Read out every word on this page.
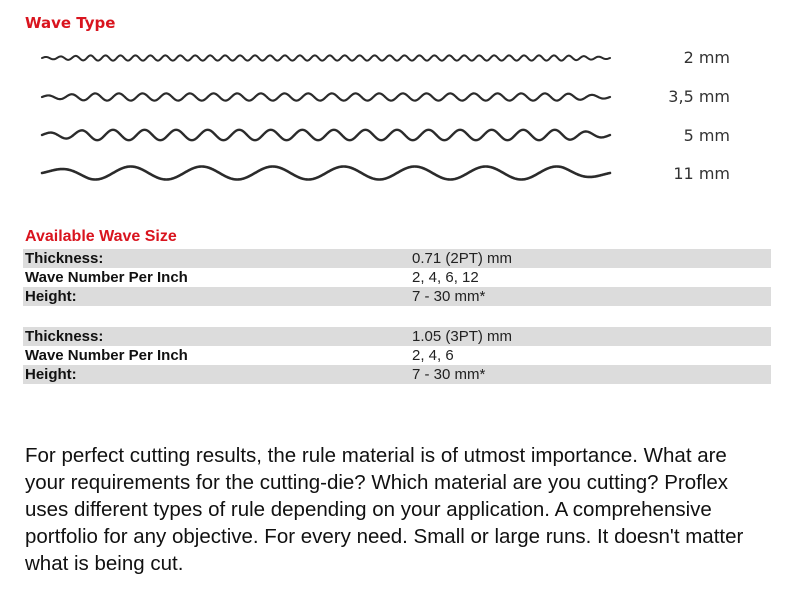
Wave Type
2 mm
3,5 mm
5 mm
11 mm
Available Wave Size
Thickness:	0.71 (2PT) mm
Wave Number Per Inch	2, 4, 6, 12
Height:	7 - 30 mm*
Thickness:	1.05 (3PT) mm
Wave Number Per Inch	2, 4, 6
Height:	7 - 30 mm*

For perfect cutting results, the rule material is of utmost importance. What are your requirements for the cutting-die? Which material are you cutting? Proflex uses different types of rule depending on your application. A comprehensive portfolio for any objective. For every need. Small or large runs. It doesn't matter what is being cut.
